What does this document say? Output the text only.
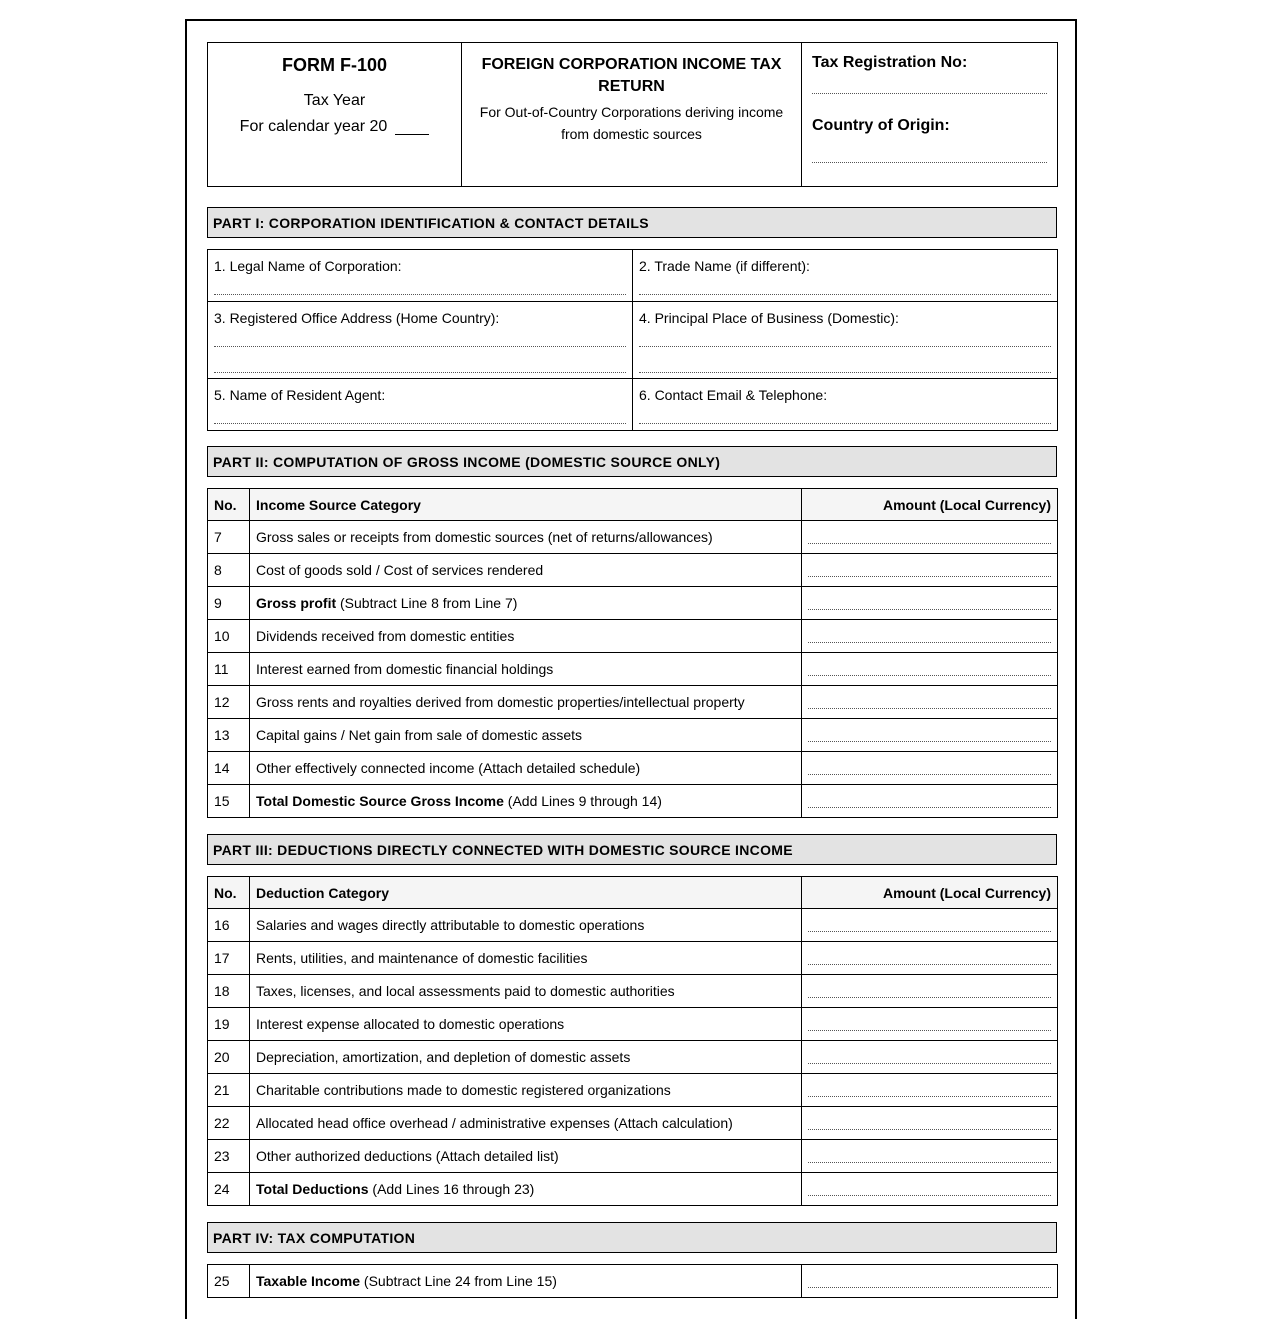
FORM F-100
Tax Year
For calendar year 20

FOREIGN CORPORATION INCOME TAX RETURN
For Out-of-Country Corporations deriving income from domestic sources

Tax Registration No:
Country of Origin:
PART I: CORPORATION IDENTIFICATION & CONTACT DETAILS
1. Legal Name of Corporation:	2. Trade Name (if different):

3. Registered Office Address (Home Country):	4. Principal Place of Business (Domestic):

5. Name of Resident Agent:	6. Contact Email & Telephone:
PART II: COMPUTATION OF GROSS INCOME (DOMESTIC SOURCE ONLY)
No.	Income Source Category	Amount (Local Currency)
7	Gross sales or receipts from domestic sources (net of returns/allowances)	

8	Cost of goods sold / Cost of services rendered	

9	Gross profit (Subtract Line 8 from Line 7)	

10	Dividends received from domestic entities	

11	Interest earned from domestic financial holdings	

12	Gross rents and royalties derived from domestic properties/intellectual property	

13	Capital gains / Net gain from sale of domestic assets	

14	Other effectively connected income (Attach detailed schedule)	

15	Total Domestic Source Gross Income (Add Lines 9 through 14)	
PART III: DEDUCTIONS DIRECTLY CONNECTED WITH DOMESTIC SOURCE INCOME
No.	Deduction Category	Amount (Local Currency)
16	Salaries and wages directly attributable to domestic operations	

17	Rents, utilities, and maintenance of domestic facilities	

18	Taxes, licenses, and local assessments paid to domestic authorities	

19	Interest expense allocated to domestic operations	

20	Depreciation, amortization, and depletion of domestic assets	

21	Charitable contributions made to domestic registered organizations	

22	Allocated head office overhead / administrative expenses (Attach calculation)	

23	Other authorized deductions (Attach detailed list)	

24	Total Deductions (Add Lines 16 through 23)	
PART IV: TAX COMPUTATION
25	Taxable Income (Subtract Line 24 from Line 15)	
